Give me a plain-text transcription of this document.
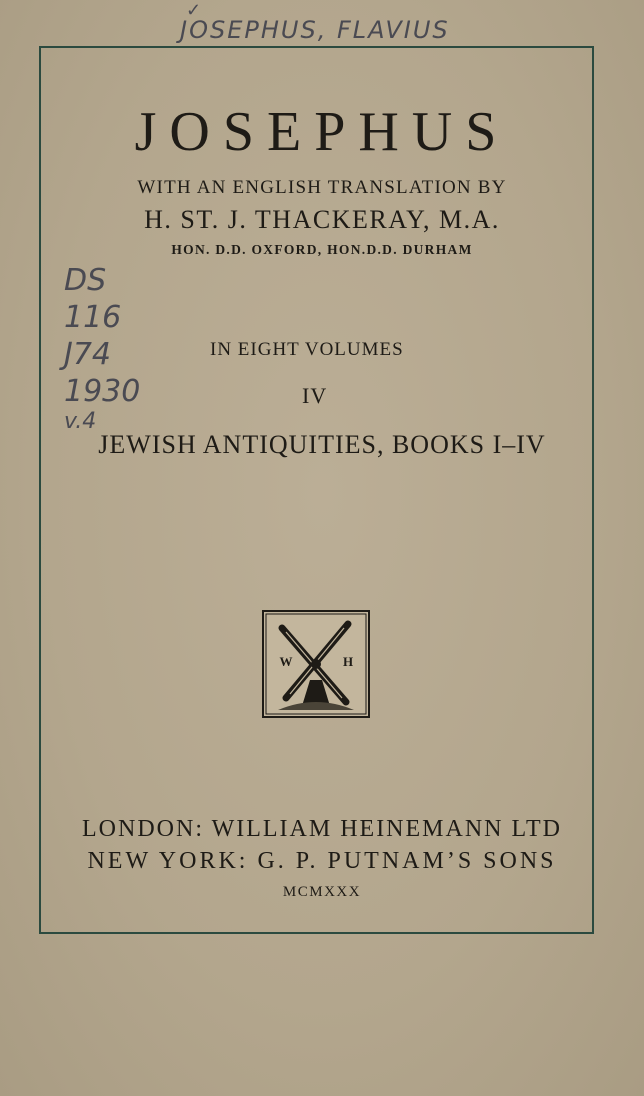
✓
JOSEPHUS, FLAVIUS
JOSEPHUS
WITH AN ENGLISH TRANSLATION BY
H. ST. J. THACKERAY, M.A.
HON. D.D. OXFORD, HON.D.D. DURHAM
DS
116
J74
1930
v.4
IN EIGHT VOLUMES
IV
JEWISH ANTIQUITIES, BOOKS I–IV
W	H
LONDON: WILLIAM HEINEMANN LTD
NEW YORK: G. P. PUTNAM’S SONS
MCMXXX
